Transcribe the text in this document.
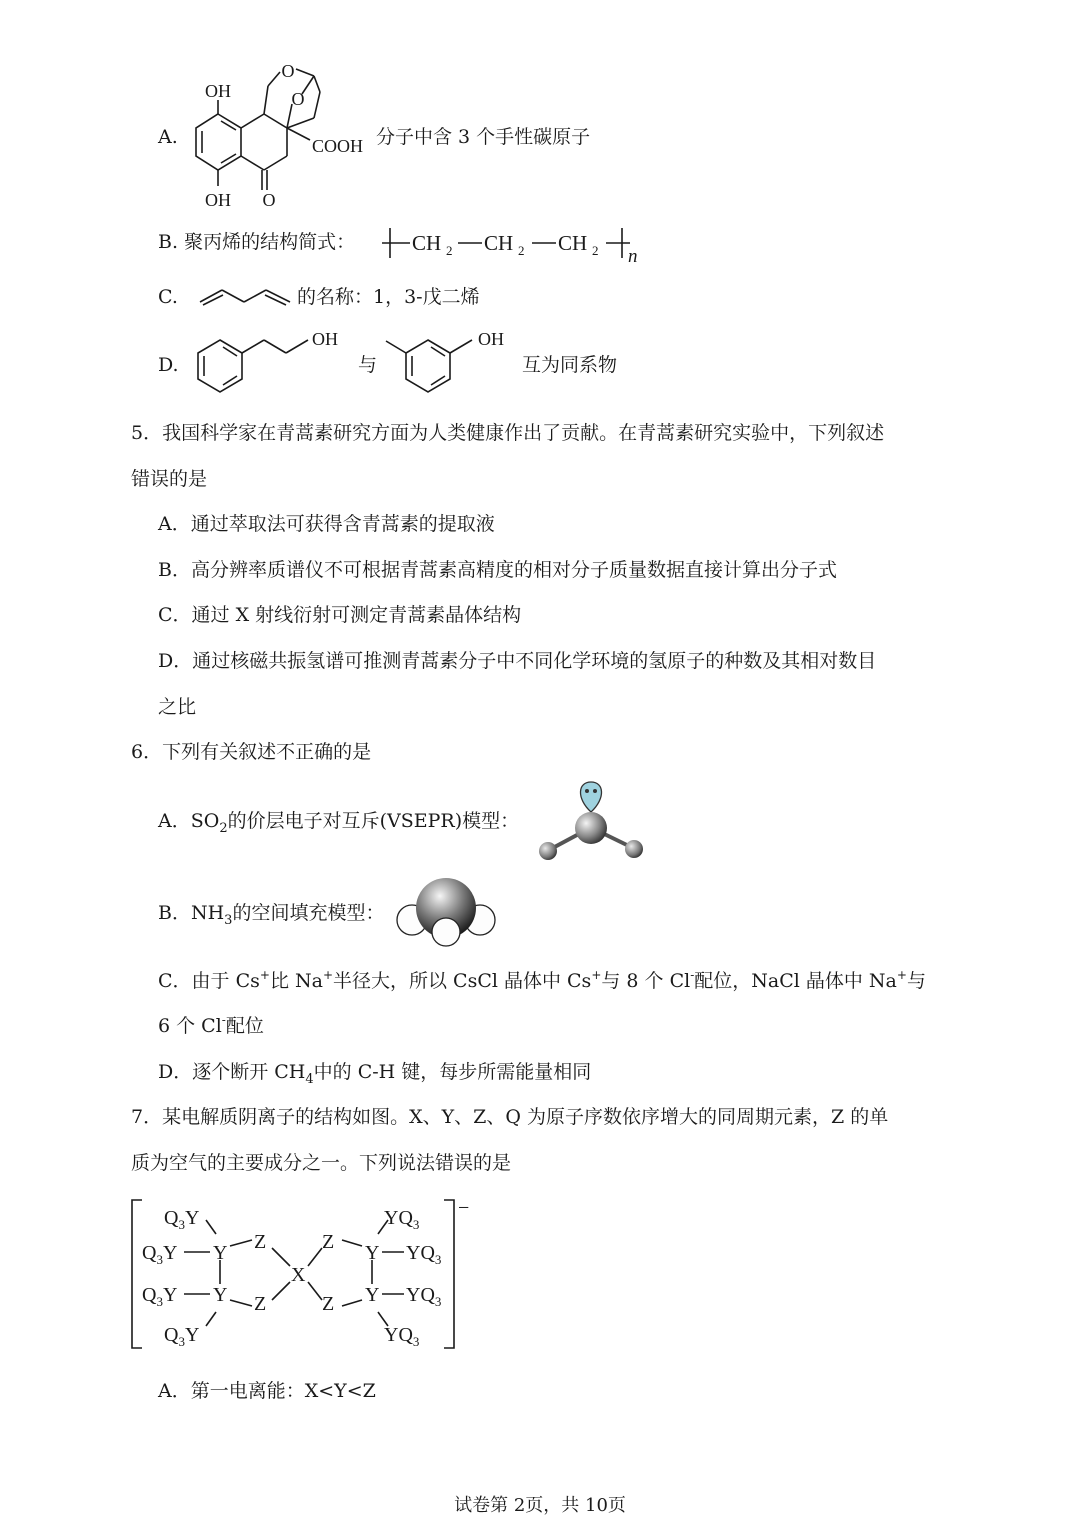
A.
OH
OH
O
O
O
COOH 分子中含 3 个手性碳原子
B. 聚丙烯的结构简式：	CH 2 CH 2 CH 2 n
C.	的名称：1，3-戊二烯
D.
OH
与
OH
互为同系物
5．我国科学家在青蒿素研究方面为人类健康作出了贡献。在青蒿素研究实验中，下列叙述
错误的是
A．通过萃取法可获得含青蒿素的提取液
B．高分辨率质谱仪不可根据青蒿素高精度的相对分子质量数据直接计算出分子式
C．通过 X 射线衍射可测定青蒿素晶体结构
D．通过核磁共振氢谱可推测青蒿素分子中不同化学环境的氢原子的种数及其相对数目
之比
6．下列有关叙述不正确的是
A．$SO_2$的价层电子对互斥(VSEPR)模型：
B．$NH_3$的空间填充模型：
C．由于 Cs+比 Na+半径大，所以 CsCl 晶体中 Cs+与 8 个 Cl-配位，NaCl 晶体中 Na+与
6 个 Cl-配位
D．逐个断开 $CH_4$中的 C-H 键，每步所需能量相同
7．某电解质阴离子的结构如图。X、Y、Z、Q 为原子序数依序增大的同周期元素，Z 的单
质为空气的主要成分之一。下列说法错误的是
$Q_3Y$
$Q_3Y$
$Q_3Y$
$Q_3Y$
Y
Y
Z
Z
X
Z
Z
Y
Y
$YQ_3$
$YQ_3$
$YQ_3$
$YQ_3$
−
A．第一电离能：X<Y<Z
试卷第 2页，共 10页
